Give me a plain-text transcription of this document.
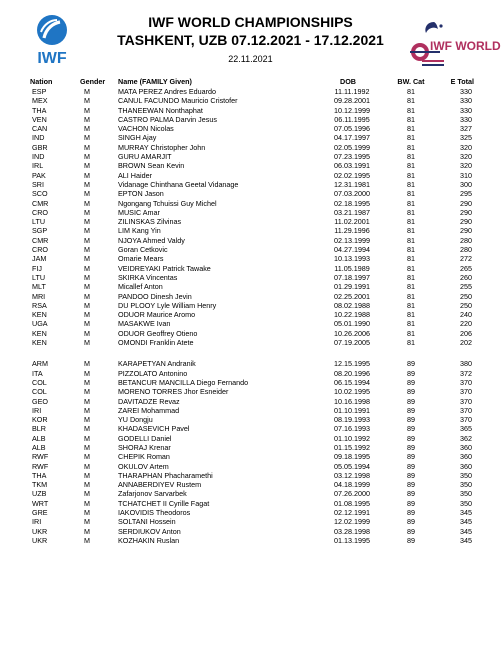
IWF
IWF WORLD
IWF WORLD CHAMPIONSHIPS
TASHKENT, UZB 07.12.2021 - 17.12.2021
22.11.2021
Nation	Gender	Name (FAMILY Given)	DOB	BW. Cat	E Total
ESP	M	MATA PEREZ Andres Eduardo	11.11.1992	81	330
MEX	M	CANUL FACUNDO Mauricio Cristofer	09.28.2001	81	330
THA	M	THANEEWAN Nonthaphat	10.12.1999	81	330
VEN	M	CASTRO PALMA Darvin Jesus	06.11.1995	81	330
CAN	M	VACHON Nicolas	07.05.1996	81	327
IND	M	SINGH Ajay	04.17.1997	81	325
GBR	M	MURRAY Christopher John	02.05.1999	81	320
IND	M	GURU AMARJIT	07.23.1995	81	320
IRL	M	BROWN Sean Kevin	06.03.1991	81	320
PAK	M	ALI Haider	02.02.1995	81	310
SRI	M	Vidanage Chinthana Geetal Vidanage	12.31.1981	81	300
SCO	M	EPTON Jason	07.03.2000	81	295
CMR	M	Ngongang Tchuissi Guy Michel	02.18.1995	81	290
CRO	M	MUSIC Amar	03.21.1987	81	290
LTU	M	ZILINSKAS Zilvinas	11.02.2001	81	290
SGP	M	LIM Kang Yin	11.29.1996	81	290
CMR	M	NJOYA Ahmed Valdy	02.13.1999	81	280
CRO	M	Goran Cetkovic	04.27.1994	81	280
JAM	M	Omarie Mears	10.13.1993	81	272
FIJ	M	VEIDREYAKI Patrick Tawake	11.05.1989	81	265
LTU	M	SKIRKA Vincentas	07.18.1997	81	260
MLT	M	Micallef Anton	01.29.1991	81	255
MRI	M	PANDOO Dinesh Jevin	02.25.2001	81	250
RSA	M	DU PLOOY Lyle William Henry	08.02.1988	81	250
KEN	M	ODUOR Maurice Aromo	10.22.1988	81	240
UGA	M	MASAKWE Ivan	05.01.1990	81	220
KEN	M	ODUOR Geoffrey Otieno	10.26.2006	81	206
KEN	M	OMONDI Franklin Atete	07.19.2005	81	202

ARM	M	KARAPETYAN Andranik	12.15.1995	89	380
ITA	M	PIZZOLATO Antonino	08.20.1996	89	372
COL	M	BETANCUR MANCILLA Diego Fernando	06.15.1994	89	370
COL	M	MORENO TORRES Jhor Esneider	10.02.1995	89	370
GEO	M	DAVITADZE Revaz	10.16.1998	89	370
IRI	M	ZAREI Mohammad	01.10.1991	89	370
KOR	M	YU Dongju	08.19.1993	89	370
BLR	M	KHADASEVICH Pavel	07.16.1993	89	365
ALB	M	GODELLI Daniel	01.10.1992	89	362
ALB	M	SHORAJ Krenar	01.15.1992	89	360
RWF	M	CHEPIK Roman	09.18.1995	89	360
RWF	M	OKULOV Artem	05.05.1994	89	360
THA	M	THARAPHAN Phacharamethi	03.12.1998	89	350
TKM	M	ANNABERDIYEV Rustem	04.18.1999	89	350
UZB	M	Zafarjonov Sarvarbek	07.26.2000	89	350
WRT	M	TCHATCHET II Cyrille Fagat	01.08.1995	89	350
GRE	M	IAKOVIDIS Theodoros	02.12.1991	89	345
IRI	M	SOLTANI Hossein	12.02.1999	89	345
UKR	M	SERDIUKOV Anton	03.28.1998	89	345
UKR	M	KOZHAKIN Ruslan	01.13.1995	89	345
